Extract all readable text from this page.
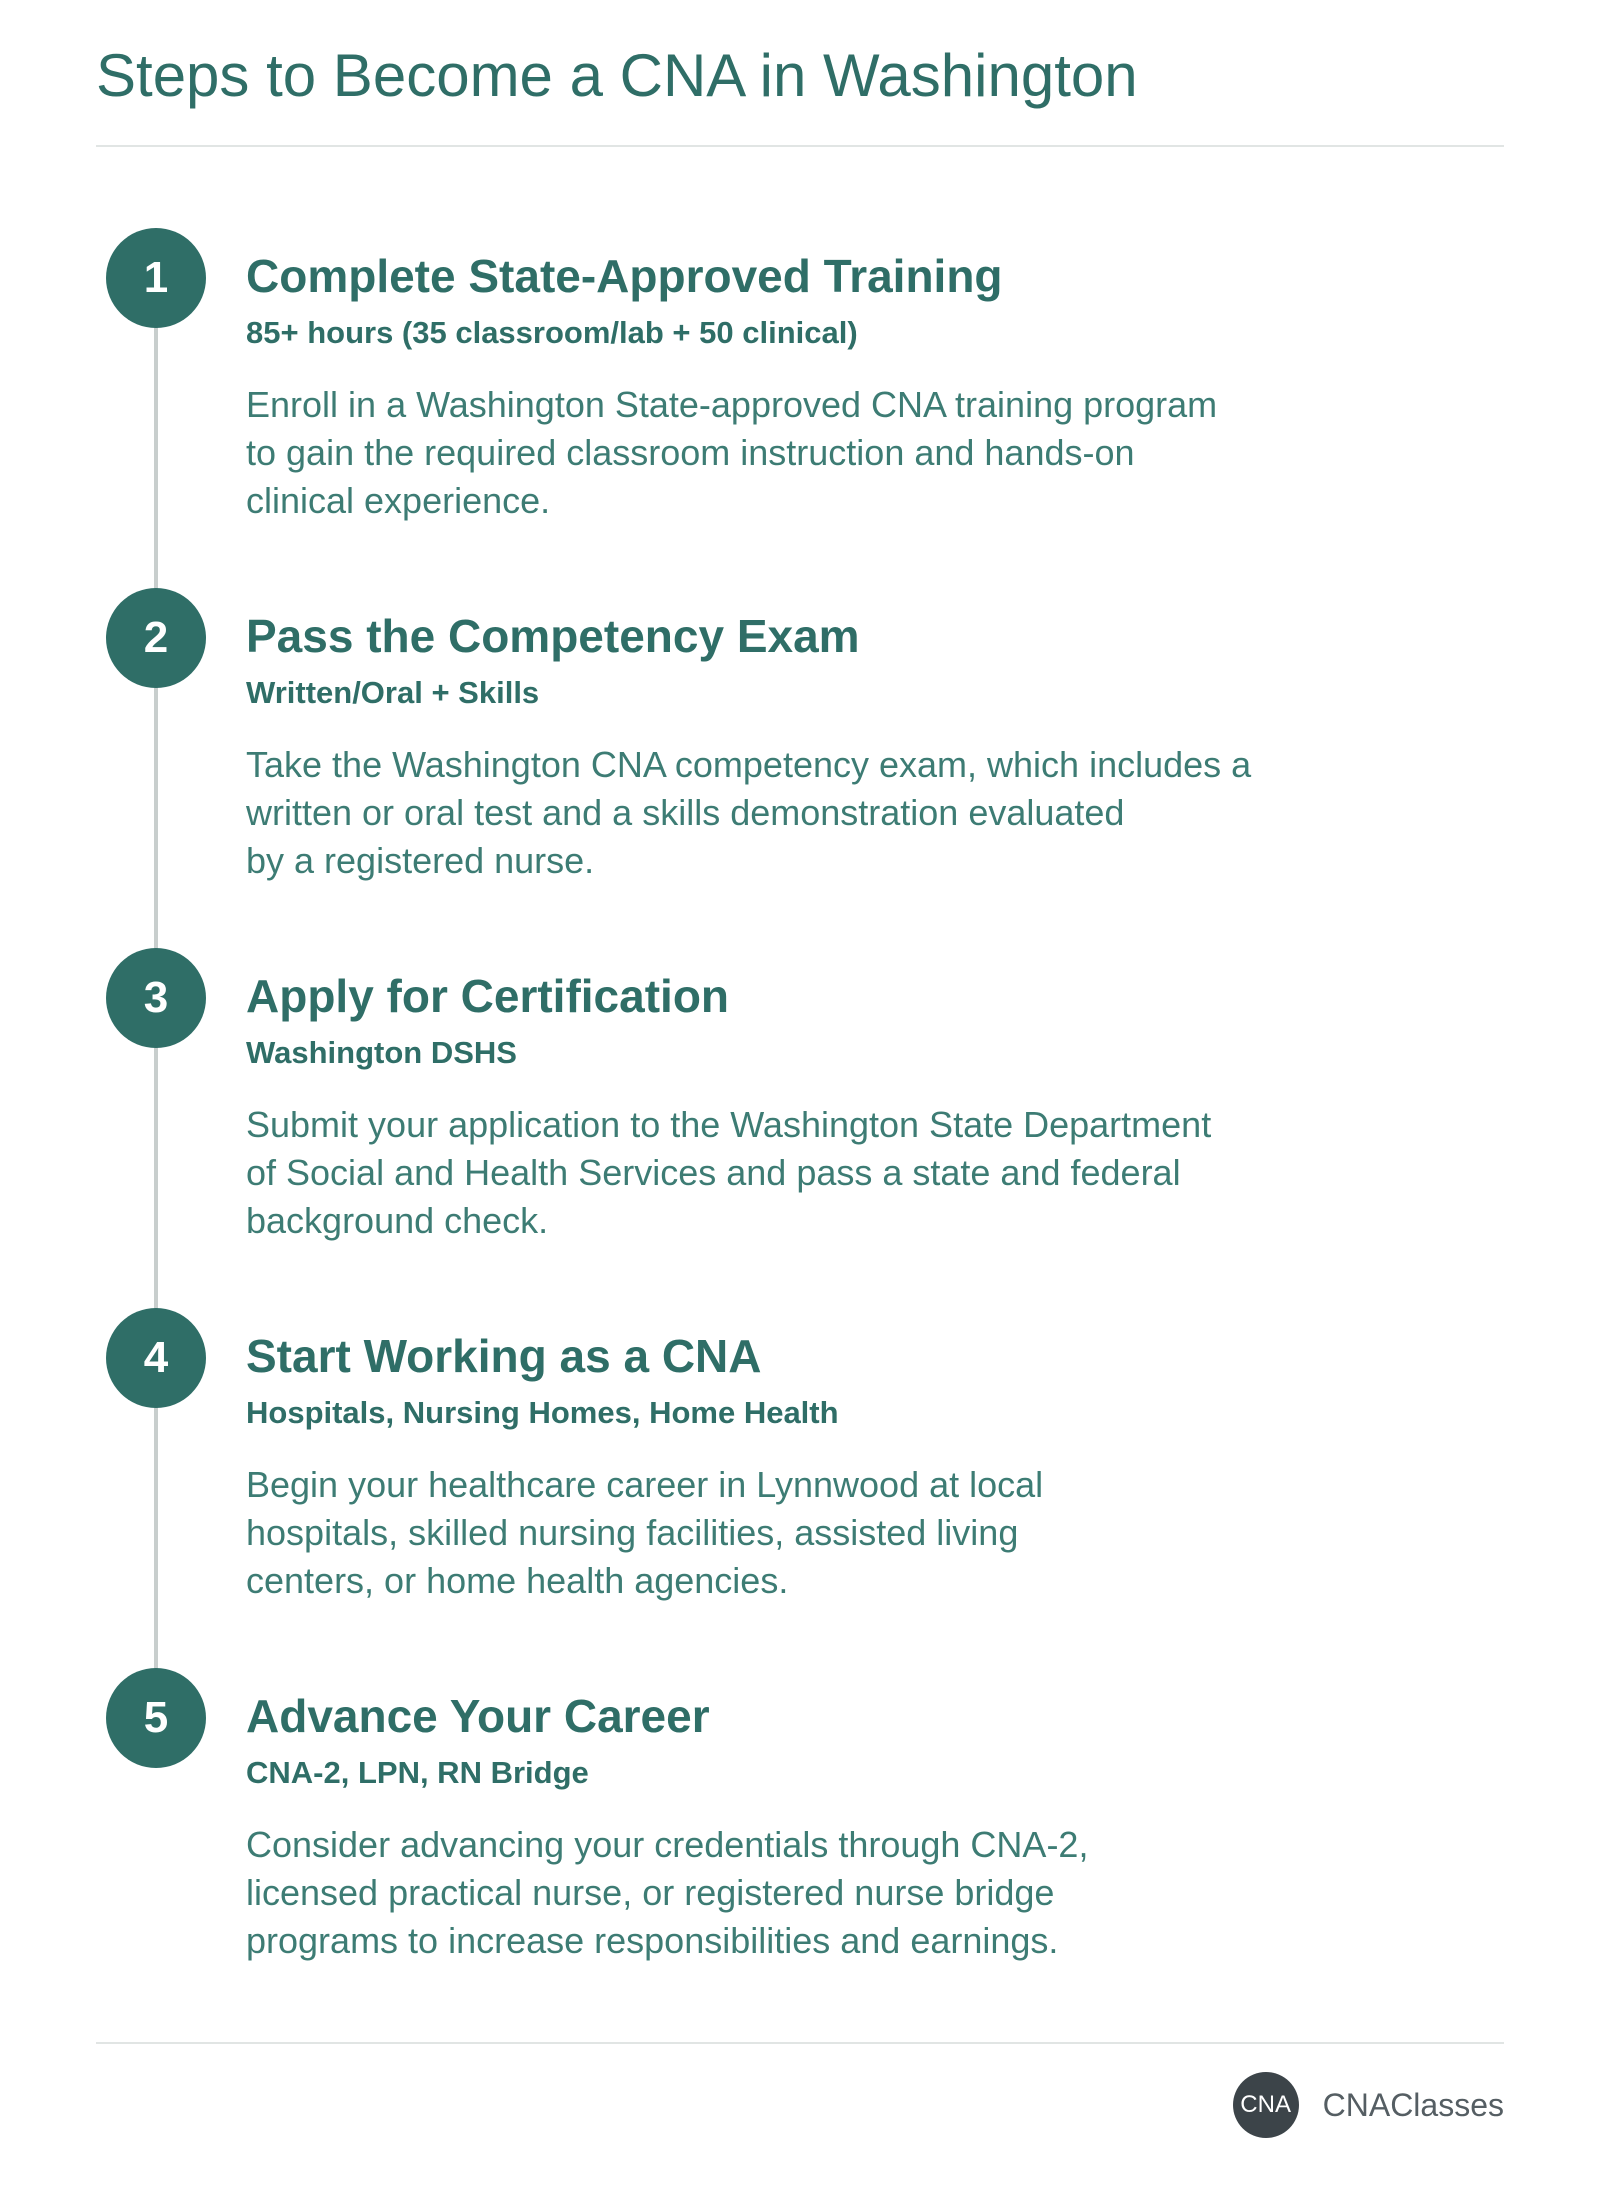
Steps to Become a CNA in Washington
1	Complete State-Approved Training
85+ hours (35 classroom/lab + 50 clinical)

Enroll in a Washington State-approved CNA training program
to gain the required classroom instruction and hands-on
clinical experience.

2	Pass the Competency Exam
Written/Oral + Skills

Take the Washington CNA competency exam, which includes a
written or oral test and a skills demonstration evaluated
by a registered nurse.

3	Apply for Certification
Washington DSHS

Submit your application to the Washington State Department
of Social and Health Services and pass a state and federal
background check.

4	Start Working as a CNA
Hospitals, Nursing Homes, Home Health

Begin your healthcare career in Lynnwood at local
hospitals, skilled nursing facilities, assisted living
centers, or home health agencies.

5	Advance Your Career
CNA-2, LPN, RN Bridge

Consider advancing your credentials through CNA-2,
licensed practical nurse, or registered nurse bridge
programs to increase responsibilities and earnings.

CNA CNAClasses
